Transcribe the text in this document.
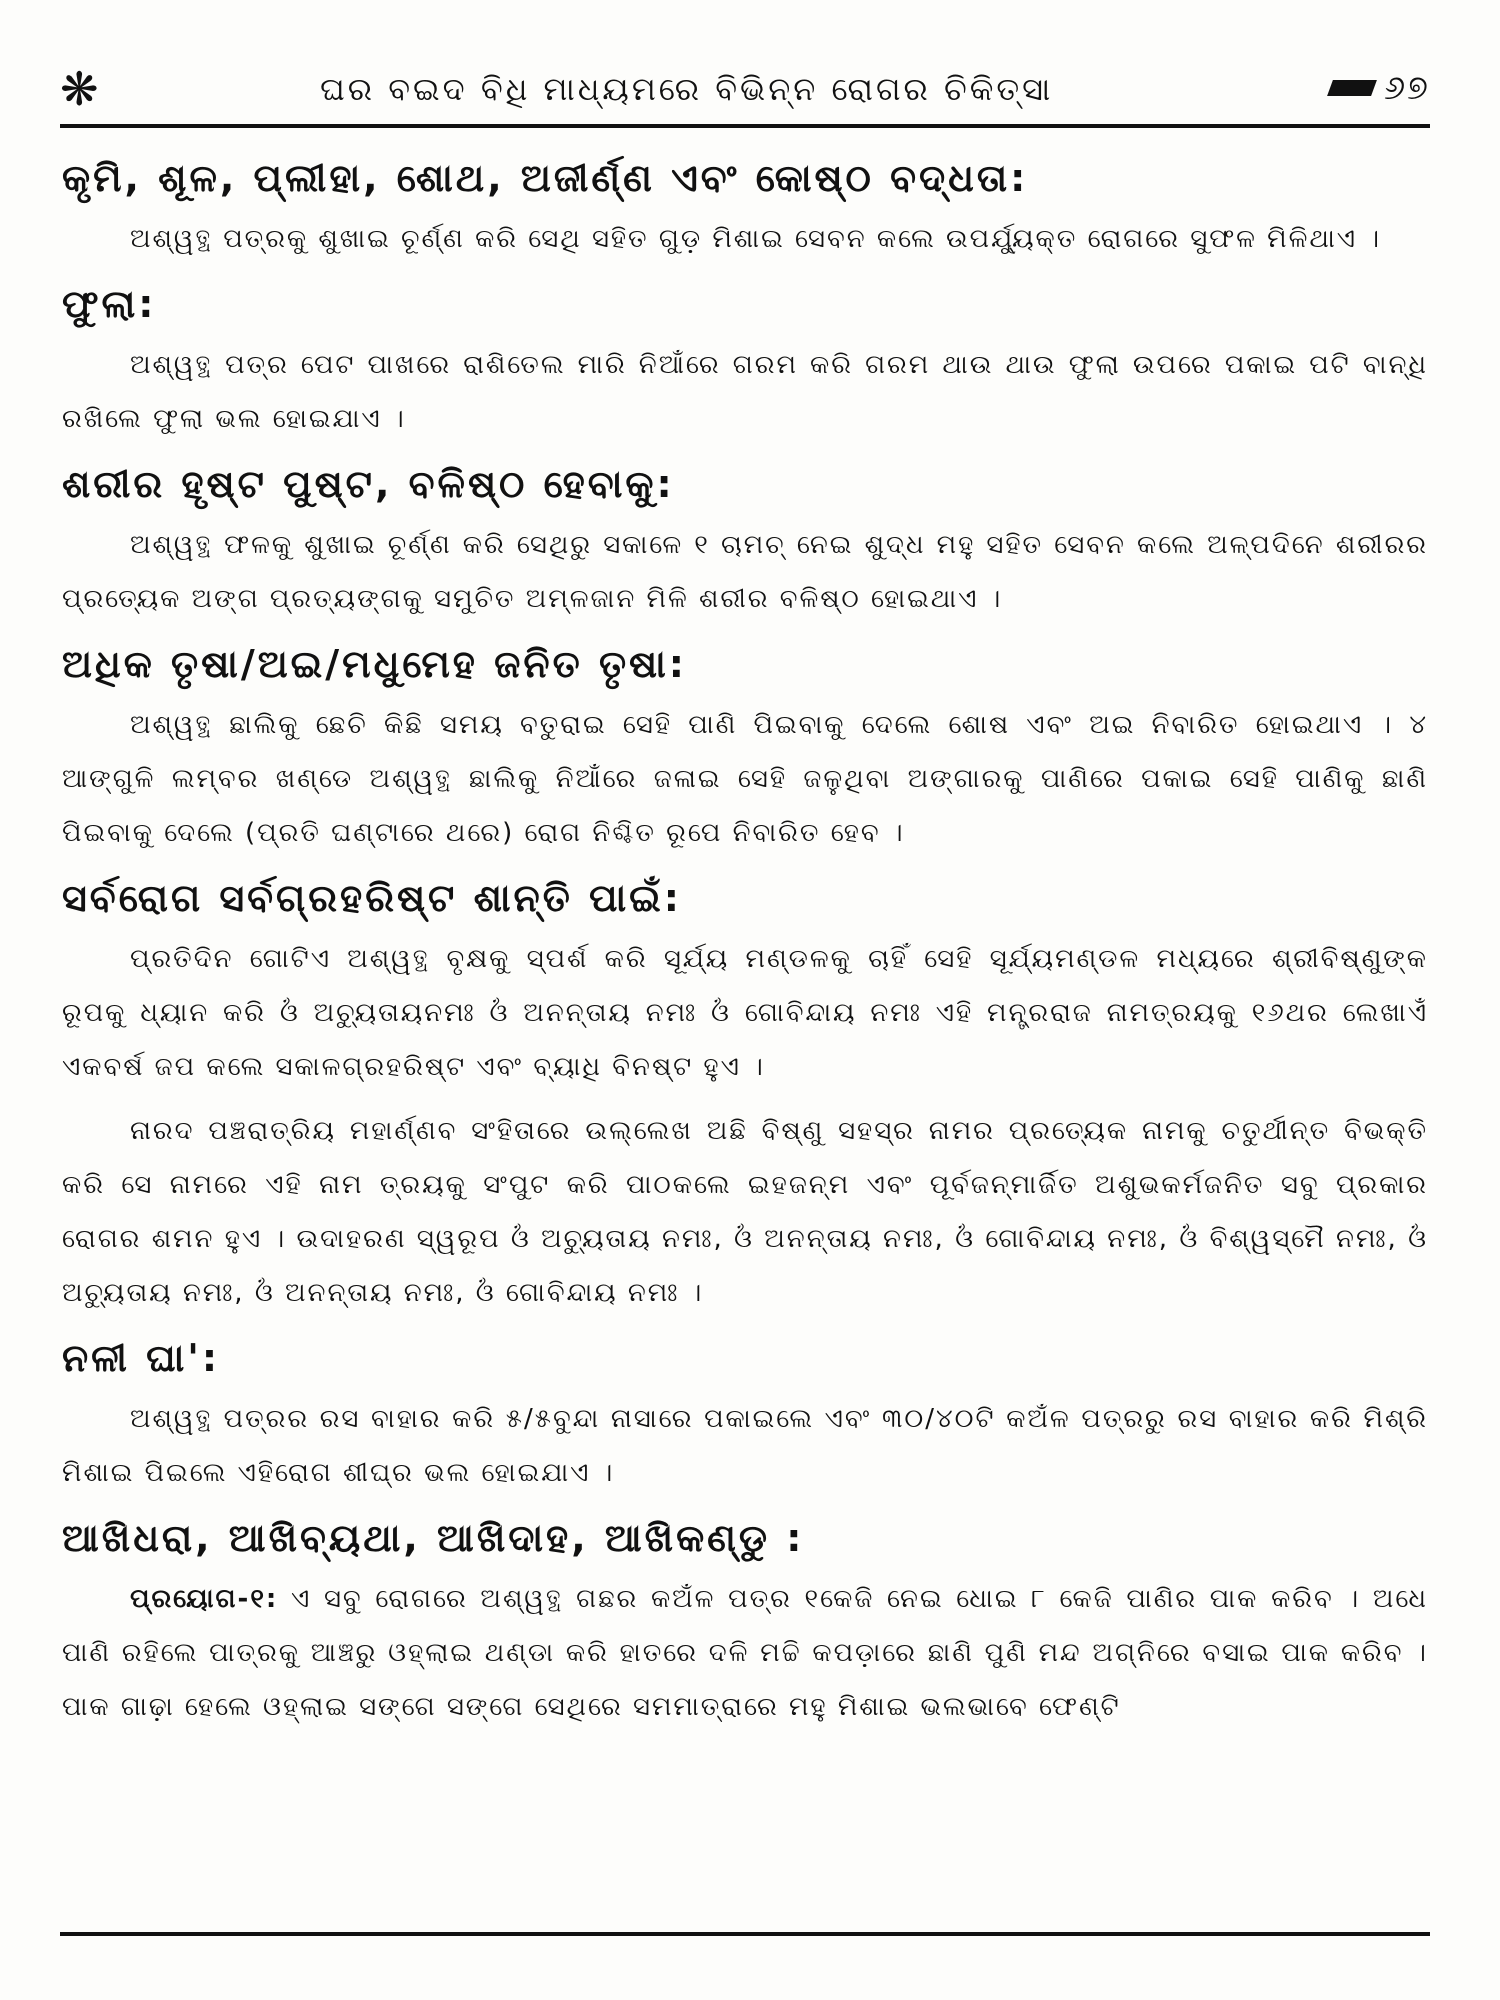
❋	ଘର ବଇଦ ବିଧି ମାଧ୍ୟମରେ ବିଭିନ୍ନ ରୋଗର ଚିକିତ୍ସା	୬୭
କୃମି, ଶୂଳ, ପ୍ଲୀହା, ଶୋଥ, ଅଜୀର୍ଣ୍ଣ ଏବଂ କୋଷ୍ଠ ବଦ୍ଧତା:

ଅଶ୍ୱତ୍ଥ ପତ୍ରକୁ ଶୁଖାଇ ଚୂର୍ଣ୍ଣ କରି ସେଥି ସହିତ ଗୁଡ଼ ମିଶାଇ ସେବନ କଲେ ଉପର୍ଯ୍ୟୁକ୍ତ ରୋଗରେ ସୁଫଳ ମିଳିଥାଏ ।

ଫୁଲା:

ଅଶ୍ୱତ୍ଥ ପତ୍ର ପେଟ ପାଖରେ ରାଶିତେଲ ମାରି ନିଆଁରେ ଗରମ କରି ଗରମ ଥାଉ ଥାଉ ଫୁଲା ଉପରେ ପକାଇ ପଟି ବାନ୍ଧି ରଖିଲେ ଫୁଲା ଭଲ ହୋଇଯାଏ ।

ଶରୀର ହୃଷ୍ଟ ପୁଷ୍ଟ, ବଳିଷ୍ଠ ହେବାକୁ:

ଅଶ୍ୱତ୍ଥ ଫଳକୁ ଶୁଖାଇ ଚୂର୍ଣ୍ଣ କରି ସେଥିରୁ ସକାଳେ ୧ ଚାମଚ୍ ନେଇ ଶୁଦ୍ଧ ମହୁ ସହିତ ସେବନ କଲେ ଅଳ୍ପଦିନେ ଶରୀରର ପ୍ରତ୍ୟେକ ଅଙ୍ଗ ପ୍ରତ୍ୟଙ୍ଗକୁ ସମୁଚିତ ଅମ୍ଳଜାନ ମିଳି ଶରୀର ବଳିଷ୍ଠ ହୋଇଥାଏ ।

ଅଧିକ ତୃଷା/ଅଇ/ମଧୁମେହ ଜନିତ ତୃଷା:

ଅଶ୍ୱତ୍ଥ ଛାଲିକୁ ଛେଚି କିଛି ସମୟ ବତୁରାଇ ସେହି ପାଣି ପିଇବାକୁ ଦେଲେ ଶୋଷ ଏବଂ ଅଇ ନିବାରିତ ହୋଇଥାଏ । ୪ ଆଙ୍ଗୁଳି ଲମ୍ବର ଖଣ୍ଡେ ଅଶ୍ୱତ୍ଥ ଛାଲିକୁ ନିଆଁରେ ଜଳାଇ ସେହି ଜଳୁଥିବା ଅଙ୍ଗାରକୁ ପାଣିରେ ପକାଇ ସେହି ପାଣିକୁ ଛାଣି ପିଇବାକୁ ଦେଲେ (ପ୍ରତି ଘଣ୍ଟାରେ ଥରେ) ରୋଗ ନିଶ୍ଚିତ ରୂପେ ନିବାରିତ ହେବ ।

ସର୍ବରୋଗ ସର୍ବଗ୍ରହରିଷ୍ଟ ଶାନ୍ତି ପାଇଁ:

ପ୍ରତିଦିନ ଗୋଟିଏ ଅଶ୍ୱତ୍ଥ ବୃକ୍ଷକୁ ସ୍ପର୍ଶ କରି ସୂର୍ଯ୍ୟ ମଣ୍ଡଳକୁ ଚାହିଁ ସେହି ସୂର୍ଯ୍ୟମଣ୍ଡଳ ମଧ୍ୟରେ ଶ୍ରୀବିଷ୍ଣୁଙ୍କ ରୂପକୁ ଧ୍ୟାନ କରି ଓଁ ଅଚ୍ୟୁତାୟନମଃ ଓଁ ଅନନ୍ତାୟ ନମଃ ଓଁ ଗୋବିନ୍ଦାୟ ନମଃ ଏହି ମନ୍ତ୍ରରାଜ ନାମତ୍ରୟକୁ ୧୬ଥର ଲେଖାଏଁ ଏକବର୍ଷ ଜପ କଲେ ସକାଳଗ୍ରହରିଷ୍ଟ ଏବଂ ବ୍ୟାଧି ବିନଷ୍ଟ ହୁଏ ।

ନାରଦ ପଞ୍ଚରାତ୍ରିୟ ମହାର୍ଣ୍ଣବ ସଂହିତାରେ ଉଲ୍ଲେଖ ଅଛି ବିଷ୍ଣୁ ସହସ୍ର ନାମର ପ୍ରତ୍ୟେକ ନାମକୁ ଚତୁର୍ଥୀନ୍ତ ବିଭକ୍ତି କରି ସେ ନାମରେ ଏହି ନାମ ତ୍ରୟକୁ ସଂପୁଟ କରି ପାଠକଲେ ଇହଜନ୍ମ ଏବଂ ପୂର୍ବଜନ୍ମାର୍ଜିତ ଅଶୁଭକର୍ମଜନିତ ସବୁ ପ୍ରକାର ରୋଗର ଶମନ ହୁଏ । ଉଦାହରଣ ସ୍ୱରୂପ ଓଁ ଅଚ୍ୟୁତାୟ ନମଃ, ଓଁ ଅନନ୍ତାୟ ନମଃ, ଓଁ ଗୋବିନ୍ଦାୟ ନମଃ, ଓଁ ବିଶ୍ୱସ୍ମୈ ନମଃ, ଓଁ ଅଚ୍ୟୁତାୟ ନମଃ, ଓଁ ଅନନ୍ତାୟ ନମଃ, ଓଁ ଗୋବିନ୍ଦାୟ ନମଃ ।

ନଳୀ ଘା':

ଅଶ୍ୱତ୍ଥ ପତ୍ରର ରସ ବାହାର କରି ୫/୫ବୁନ୍ଦା ନାସାରେ ପକାଇଲେ ଏବଂ ୩୦/୪୦ଟି କଅଁଳ ପତ୍ରରୁ ରସ ବାହାର କରି ମିଶ୍ରି ମିଶାଇ ପିଇଲେ ଏହିରୋଗ ଶୀଘ୍ର ଭଲ ହୋଇଯାଏ ।

ଆଖିଧରା, ଆଖିବ୍ୟଥା, ଆଖିଦାହ, ଆଖିକଣ୍ଡୁ :

ପ୍ରୟୋଗ-୧: ଏ ସବୁ ରୋଗରେ ଅଶ୍ୱତ୍ଥ ଗଛର କଅଁଳ ପତ୍ର ୧କେଜି ନେଇ ଧୋଇ ୮ କେଜି ପାଣିର ପାକ କରିବ । ଅଧେ ପାଣି ରହିଲେ ପାତ୍ରକୁ ଆଞ୍ଚରୁ ଓହ୍ଲାଇ ଥଣ୍ଡା କରି ହାତରେ ଦଳି ମଚ୍ଚି କପଡ଼ାରେ ଛାଣି ପୁଣି ମନ୍ଦ ଅଗ୍ନିରେ ବସାଇ ପାକ କରିବ । ପାକ ଗାଢ଼ା ହେଲେ ଓହ୍ଲାଇ ସଙ୍ଗେ ସଙ୍ଗେ ସେଥିରେ ସମମାତ୍ରାରେ ମହୁ ମିଶାଇ ଭଲଭାବେ ଫେଣ୍ଟି
